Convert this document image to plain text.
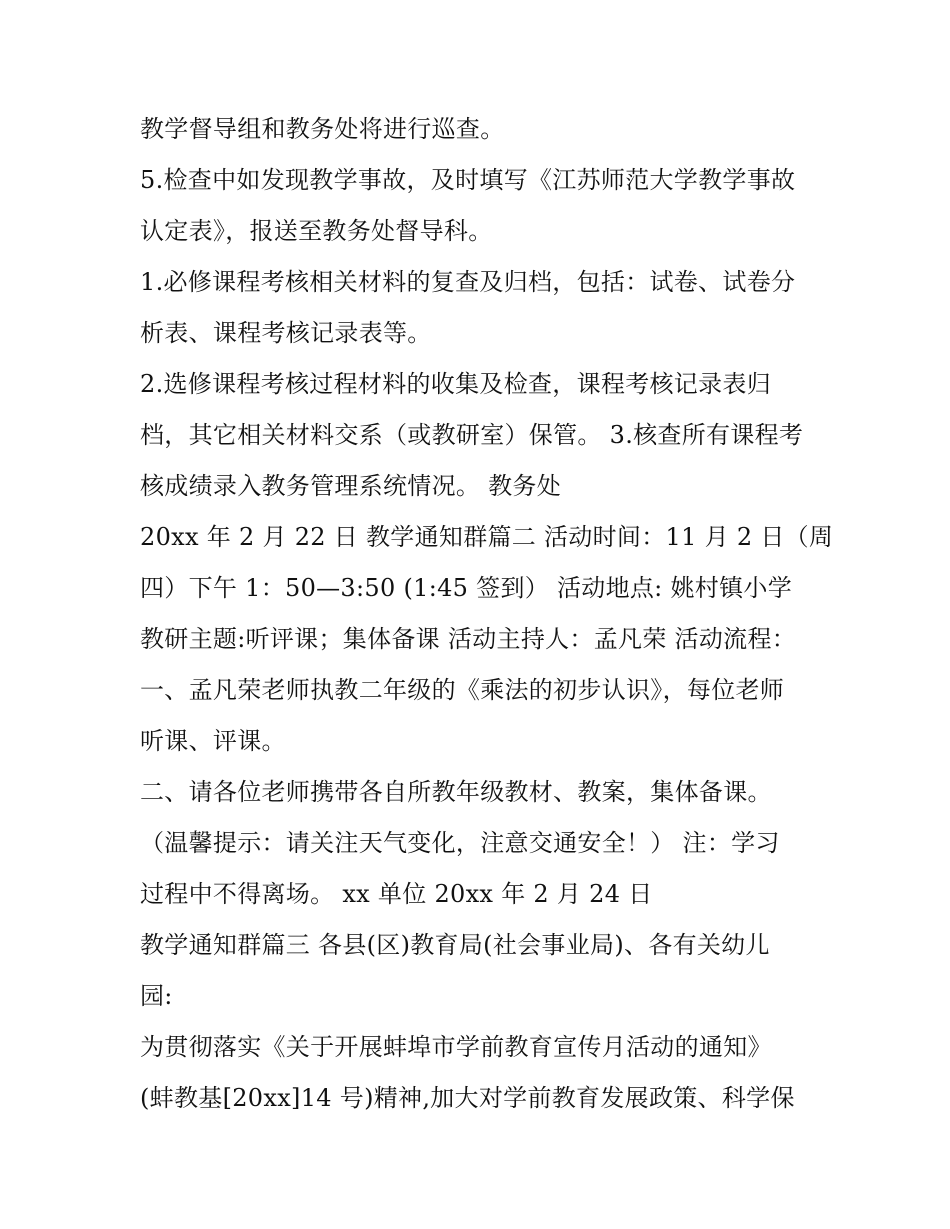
教学督导组和教务处将进行巡查。
5.检查中如发现教学事故，及时填写《江苏师范大学教学事故
认定表》，报送至教务处督导科。
1.必修课程考核相关材料的复查及归档，包括：试卷、试卷分
析表、课程考核记录表等。
2.选修课程考核过程材料的收集及检查，课程考核记录表归
档，其它相关材料交系（或教研室）保管。 3.核查所有课程考
核成绩录入教务管理系统情况。 教务处
20xx 年 2 月 22 日 教学通知群篇二 活动时间：11 月 2 日（周
四）下午 1：50—3:50 (1:45 签到） 活动地点: 姚村镇小学
教研主题:听评课；集体备课 活动主持人：孟凡荣 活动流程：
一、孟凡荣老师执教二年级的《乘法的初步认识》，每位老师
听课、评课。
二、请各位老师携带各自所教年级教材、教案，集体备课。
（温馨提示：请关注天气变化，注意交通安全！） 注：学习
过程中不得离场。 xx 单位 20xx 年 2 月 24 日
教学通知群篇三 各县(区)教育局(社会事业局)、各有关幼儿
园:
为贯彻落实《关于开展蚌埠市学前教育宣传月活动的通知》
(蚌教基[20xx]14 号)精神,加大对学前教育发展政策、科学保
